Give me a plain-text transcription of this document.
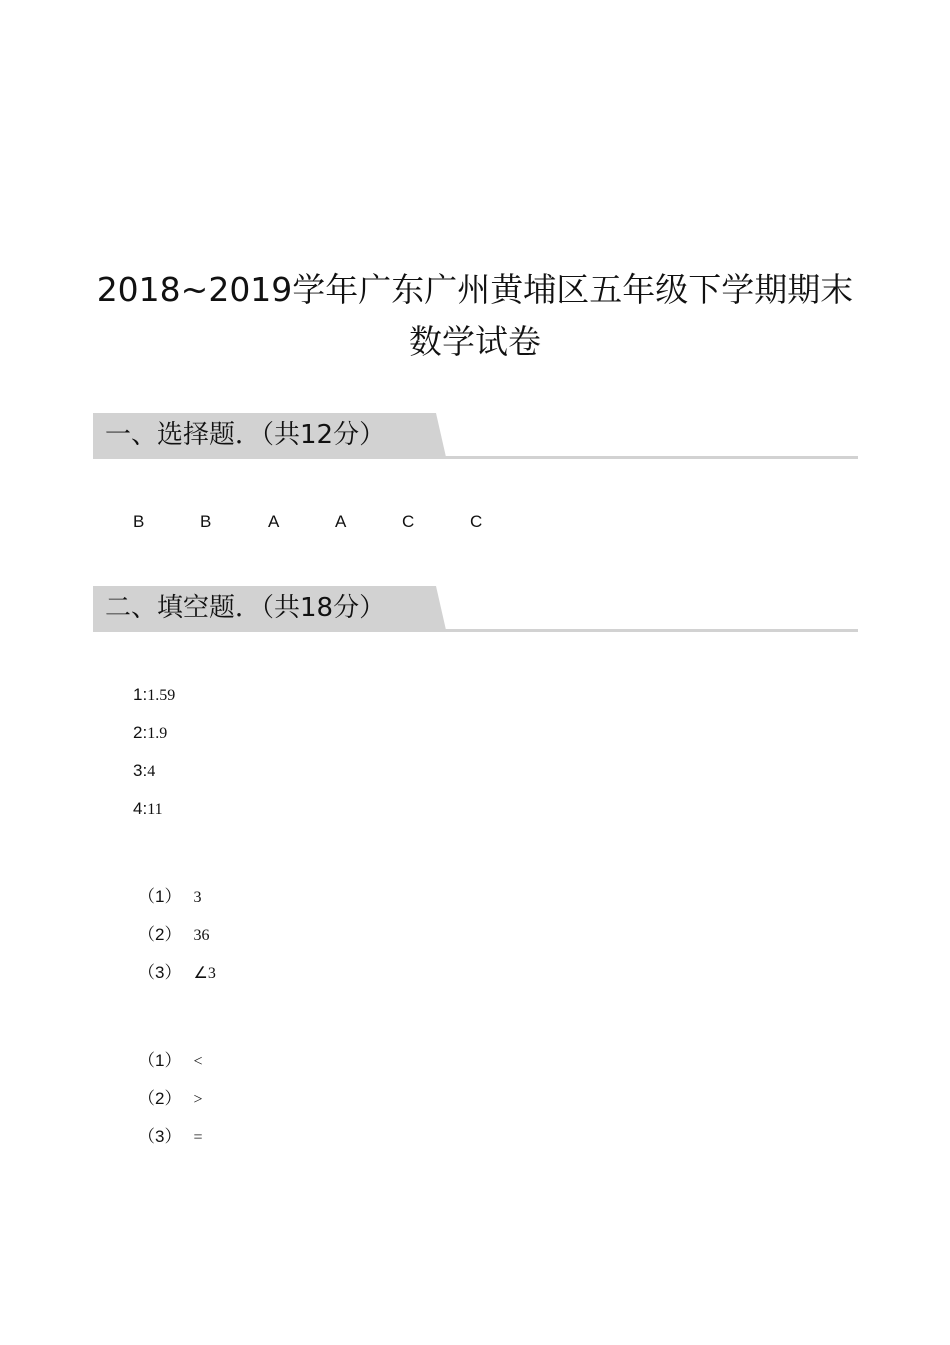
2018~2019学年广东广州黄埔区五年级下学期期末
数学试卷
一、选择题．（共12分）
B	B	A	A	C	C
二、填空题．（共18分）
1:1.59
2:1.9
3:4
4:11
（1） 3
（2） 36
（3） ∠3
（1） <
（2） >
（3） =
